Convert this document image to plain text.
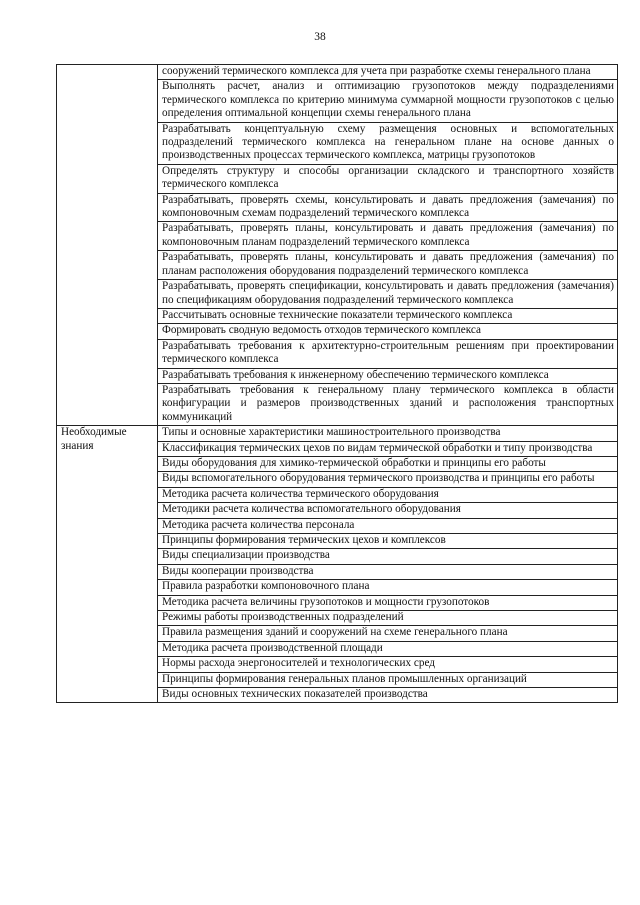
38
	сооружений термического комплекса для учета при разработке схемы генерального плана
	Выполнять расчет, анализ и оптимизацию грузопотоков между подразделениями термического комплекса по критерию минимума суммарной мощности грузопотоков с целью определения оптимальной концепции схемы генерального плана
	Разрабатывать концептуальную схему размещения основных и вспомогательных подразделений термического комплекса на генеральном плане на основе данных о производственных процессах термического комплекса, матрицы грузопотоков
	Определять структуру и способы организации складского и транспортного хозяйств термического комплекса
	Разрабатывать, проверять схемы, консультировать и давать предложения (замечания) по компоновочным схемам подразделений термического комплекса
	Разрабатывать, проверять планы, консультировать и давать предложения (замечания) по компоновочным планам подразделений термического комплекса
	Разрабатывать, проверять планы, консультировать и давать предложения (замечания) по планам расположения оборудования подразделений термического комплекса
	Разрабатывать, проверять спецификации, консультировать и давать предложения (замечания) по спецификациям оборудования подразделений термического комплекса
	Рассчитывать основные технические показатели термического комплекса
	Формировать сводную ведомость отходов термического комплекса
	Разрабатывать требования к архитектурно-строительным решениям при проектировании термического комплекса
	Разрабатывать требования к инженерному обеспечению термического комплекса
	Разрабатывать требования к генеральному плану термического комплекса в области конфигурации и размеров производственных зданий и расположения транспортных коммуникаций
Необходимые знания	Типы и основные характеристики машиностроительного производства
	Классификация термических цехов по видам термической обработки и типу производства
	Виды оборудования для химико-термической обработки и принципы его работы
	Виды вспомогательного оборудования термического производства и принципы его работы
	Методика расчета количества термического оборудования
	Методики расчета количества вспомогательного оборудования
	Методика расчета количества персонала
	Принципы формирования термических цехов и комплексов
	Виды специализации производства
	Виды кооперации производства
	Правила разработки компоновочного плана
	Методика расчета величины грузопотоков и мощности грузопотоков
	Режимы работы производственных подразделений
	Правила размещения зданий и сооружений на схеме генерального плана
	Методика расчета производственной площади
	Нормы расхода энергоносителей и технологических сред
	Принципы формирования генеральных планов промышленных организаций
	Виды основных технических показателей производства
